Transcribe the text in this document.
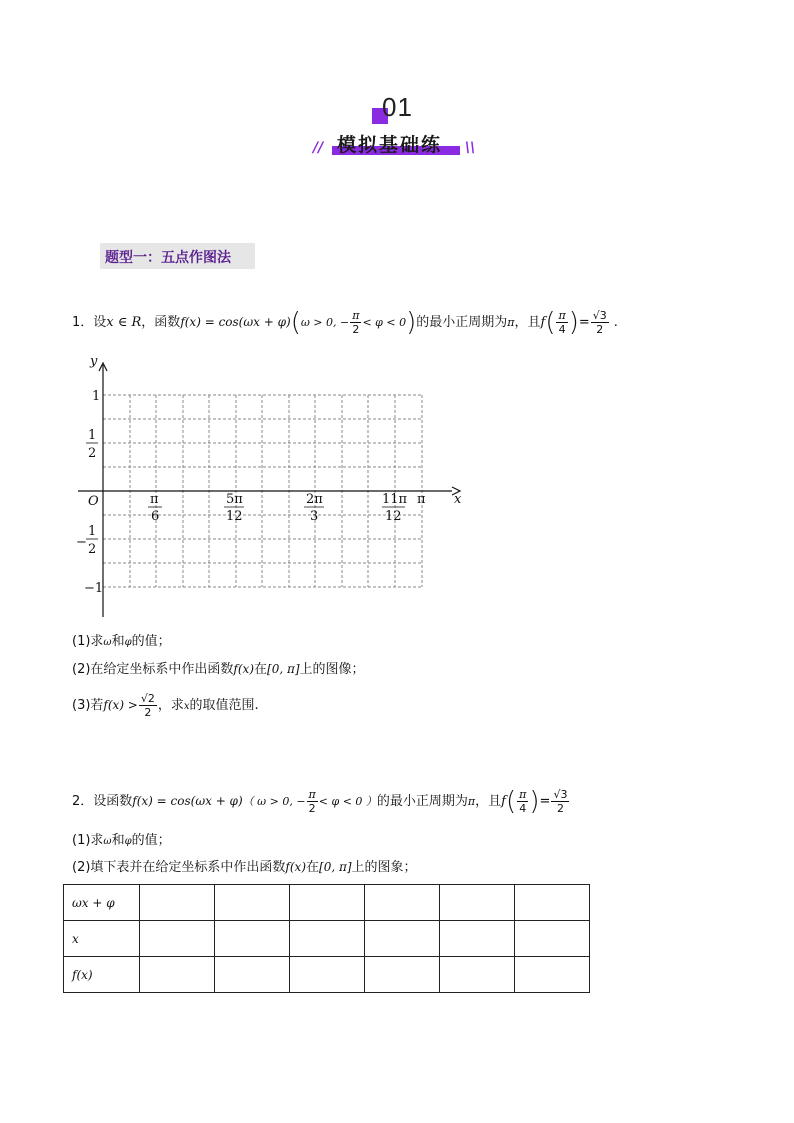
01
// 模拟基础练 \\
题型一：五点作图法
1．设x ∈ R，函数f(x) = cos(ωx + φ)(ω > 0, − $\frac{\pi}{2} < \varphi < 0$)的最小正周期为π，且$f( \frac{\pi}{4}$ )= $\frac{√3}{2}$ .
y
x
O
1
1
2
−
1
2
−1
π
6
5π
12
2π
3
11π
12
π
(1)求ω和φ的值；
(2)在给定坐标系中作出函数f(x)在[0, π]上的图像；
(3)若$f(x) > \frac{√2}{2}$ ，求x的取值范围.
2．设函数f(x) = cos(ωx + φ)（ ω > 0, − $\frac{\pi}{2} < \varphi < 0$ ）的最小正周期为π，且$f( \frac{\pi}{4}$ )= $\frac{√3}{2}$
(1)求ω和φ的值；
(2)填下表并在给定坐标系中作出函数f(x)在[0, π]上的图象；
ωx + φ						
x						
f(x)						
